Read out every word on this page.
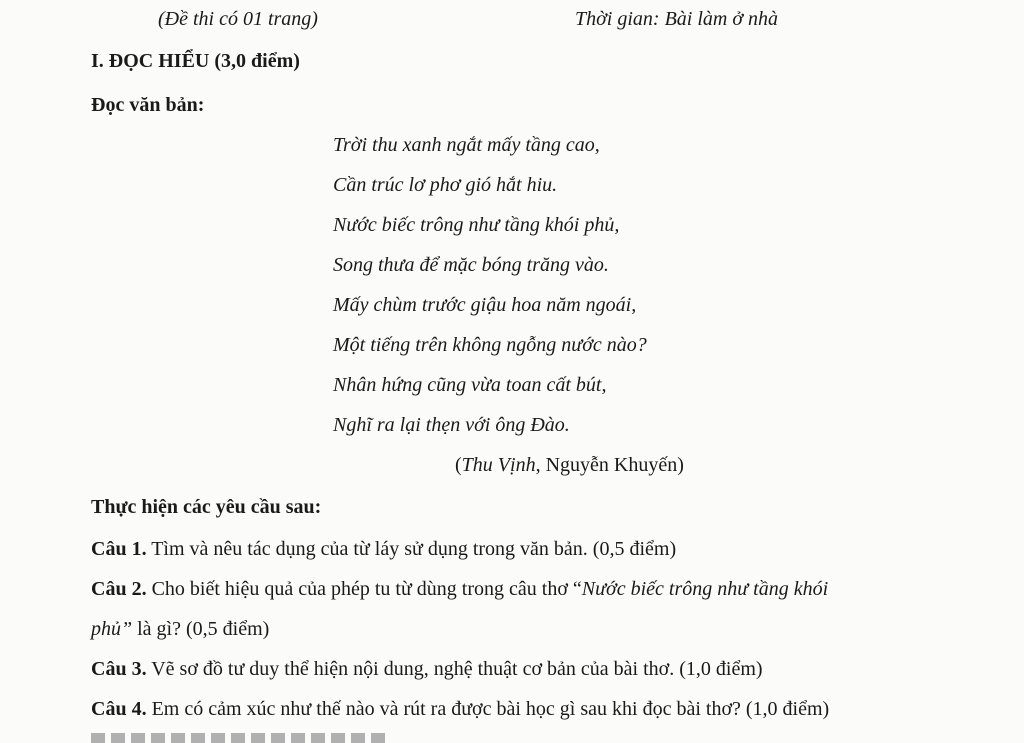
(Đề thi có 01 trang)	Thời gian: Bài làm ở nhà
I. ĐỌC HIỂU (3,0 điểm)
Đọc văn bản:
Trời thu xanh ngắt mấy tầng cao,
Cần trúc lơ phơ gió hắt hiu.
Nước biếc trông như tầng khói phủ,
Song thưa để mặc bóng trăng vào.
Mấy chùm trước giậu hoa năm ngoái,
Một tiếng trên không ngỗng nước nào?
Nhân hứng cũng vừa toan cất bút,
Nghĩ ra lại thẹn với ông Đào.
(Thu Vịnh, Nguyễn Khuyến)
Thực hiện các yêu cầu sau:
Câu 1. Tìm và nêu tác dụng của từ láy sử dụng trong văn bản. (0,5 điểm)
Câu 2. Cho biết hiệu quả của phép tu từ dùng trong câu thơ “Nước biếc trông như tầng khói
phủ” là gì? (0,5 điểm)
Câu 3. Vẽ sơ đồ tư duy thể hiện nội dung, nghệ thuật cơ bản của bài thơ. (1,0 điểm)
Câu 4. Em có cảm xúc như thế nào và rút ra được bài học gì sau khi đọc bài thơ? (1,0 điểm)
